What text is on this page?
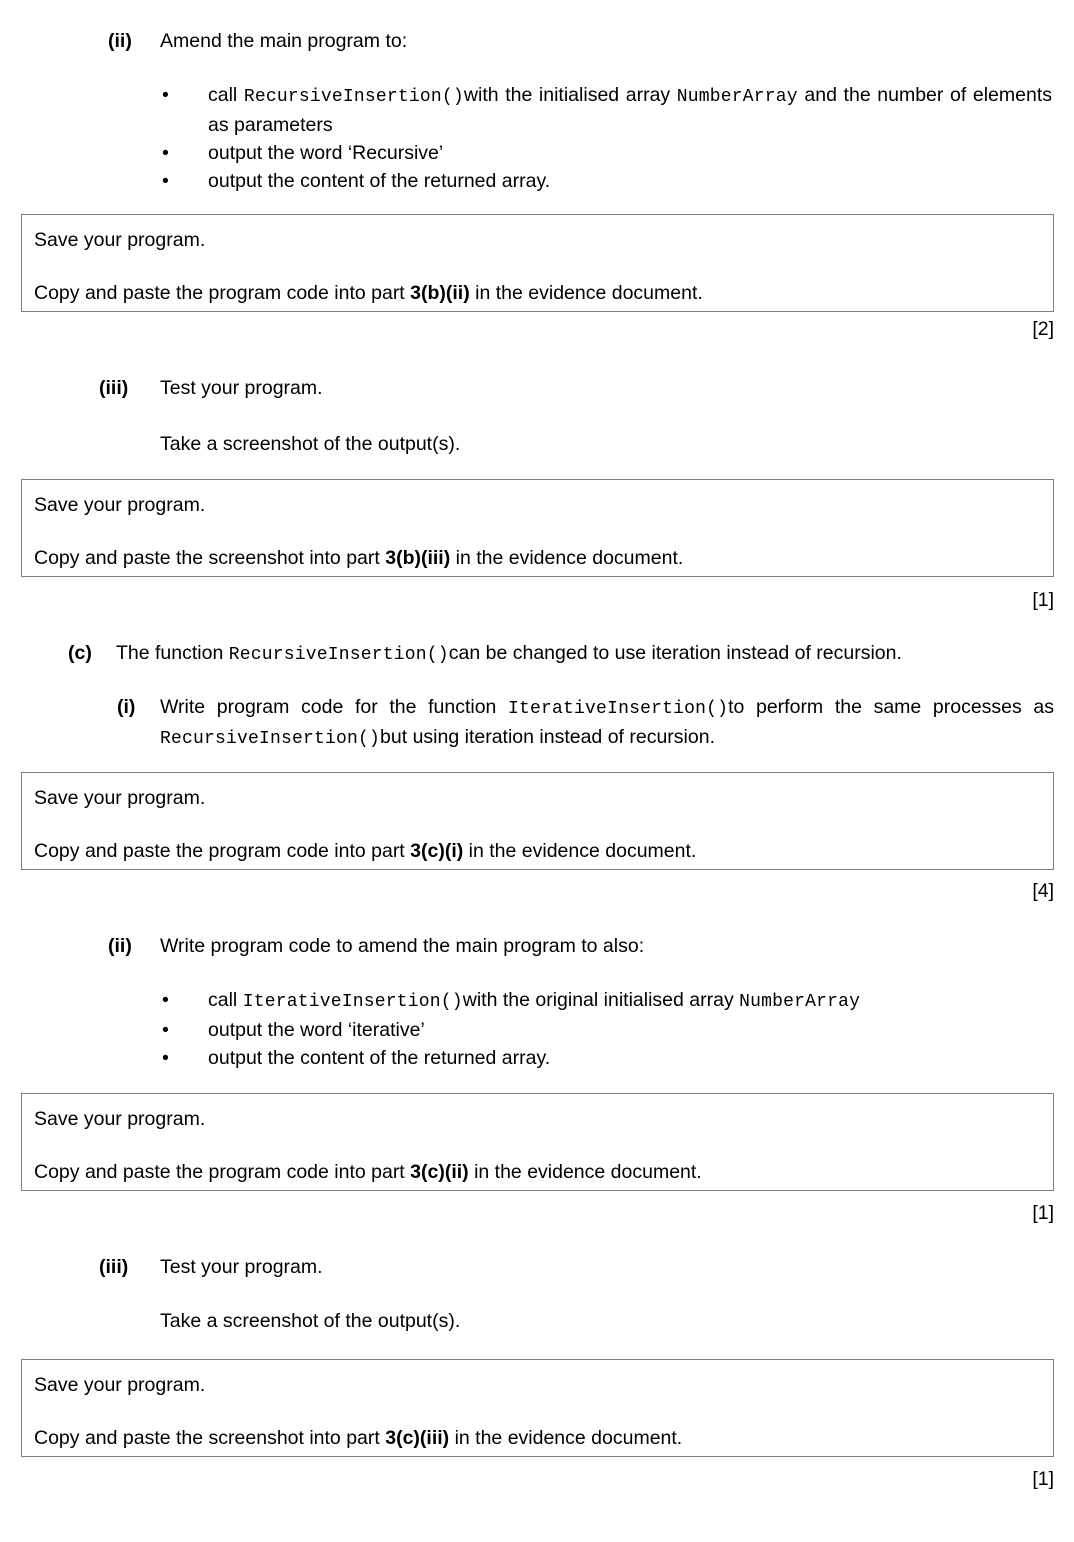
(ii)	Amend the main program to:
•	call RecursiveInsertion()with the initialised array NumberArray and the number of elements as parameters
•	output the word ‘Recursive’
•	output the content of the returned array.
Save your program.
Copy and paste the program code into part 3(b)(ii) in the evidence document.
[2]
(iii)	Test your program.
Take a screenshot of the output(s).
Save your program.
Copy and paste the screenshot into part 3(b)(iii) in the evidence document.
[1]
(c)	The function RecursiveInsertion()can be changed to use iteration instead of recursion.
(i)	Write program code for the function IterativeInsertion()to perform the same processes as RecursiveInsertion()but using iteration instead of recursion.
Save your program.
Copy and paste the program code into part 3(c)(i) in the evidence document.
[4]
(ii)	Write program code to amend the main program to also:
•	call IterativeInsertion()with the original initialised array NumberArray
•	output the word ‘iterative’
•	output the content of the returned array.
Save your program.
Copy and paste the program code into part 3(c)(ii) in the evidence document.
[1]
(iii)	Test your program.
Take a screenshot of the output(s).
Save your program.
Copy and paste the screenshot into part 3(c)(iii) in the evidence document.
[1]
